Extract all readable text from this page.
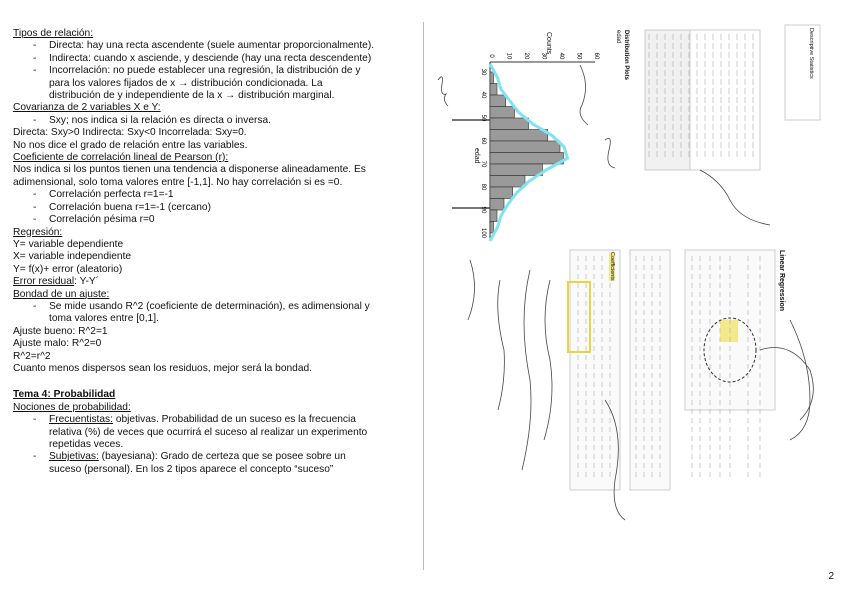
Tipos de relación:
-	Directa: hay una recta ascendente (suele aumentar proporcionalmente).
-	Indirecta: cuando x asciende, y desciende (hay una recta descendente)
-	Incorrelación: no puede establecer una regresión, la distribución de y
para los valores fijados de x → distribución condicionada. La
distribución de y independiente de la x → distribución marginal.
Covarianza de 2 variables X e Y:
-	Sxy; nos indica si la relación es directa o inversa.
Directa: Sxy>0 Indirecta: Sxy<0 Incorrelada: Sxy=0.
No nos dice el grado de relación entre las variables.
Coeficiente de correlación lineal de Pearson (r):
Nos indica si los puntos tienen una tendencia a disponerse alineadamente. Es
adimensional, solo toma valores entre [-1,1]. No hay correlación si es =0.
-	Correlación perfecta r=1=-1
-	Correlación buena r=1=-1 (cercano)
-	Correlación pésima r=0
Regresión:
Y= variable dependiente
X= variable independiente
Y= f(x)+ error (aleatorio)
Error residual: Y-Y´
Bondad de un ajuste:
-	Se mide usando R^2 (coeficiente de determinación), es adimensional y
toma valores entre [0,1].
Ajuste bueno: R^2=1
Ajuste malo: R^2=0
R^2=r^2
Cuanto menos dispersos sean los residuos, mejor será la bondad.
Tema 4: Probabilidad
Nociones de probabilidad:
-	Frecuentistas: objetivas. Probabilidad de un suceso es la frecuencia
relativa (%) de veces que ocurrirá el suceso al realizar un experimento
repetidas veces.
-	Subjetivas: (bayesiana): Grado de certeza que se posee sobre un
suceso (personal). En los 2 tipos aparece el concepto “suceso”
0 10 20 30 40 50 60
30
40
50
60
70
80
90
100
Counts	Distribution Plots
edad
edad
Descriptive Statistics
Linear Regression
Coefficients
2
